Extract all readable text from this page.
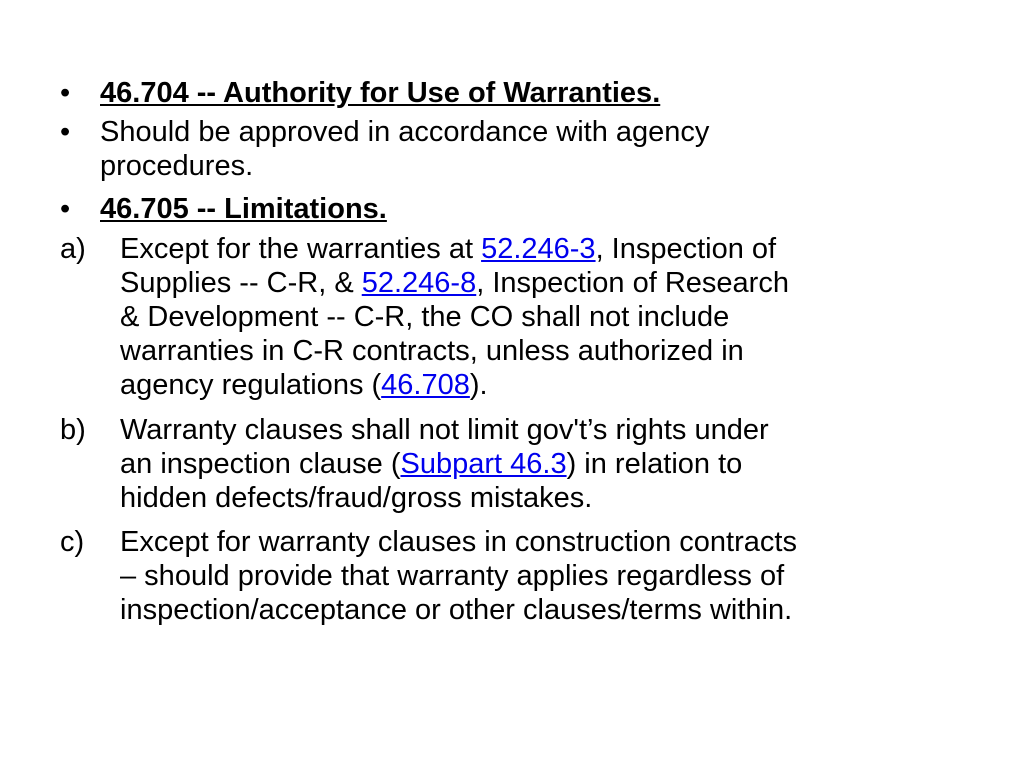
• 46.704 -- Authority for Use of Warranties.
• Should be approved in accordance with agency
procedures.
• 46.705 -- Limitations.
a) Except for the warranties at 52.246-3, Inspection of
Supplies -- C-R, & 52.246-8, Inspection of Research
& Development -- C-R, the CO shall not include
warranties in C-R contracts, unless authorized in
agency regulations (46.708).
b) Warranty clauses shall not limit gov't’s rights under
an inspection clause (Subpart 46.3) in relation to
hidden defects/fraud/gross mistakes.
c) Except for warranty clauses in construction contracts
– should provide that warranty applies regardless of
inspection/acceptance or other clauses/terms within.
